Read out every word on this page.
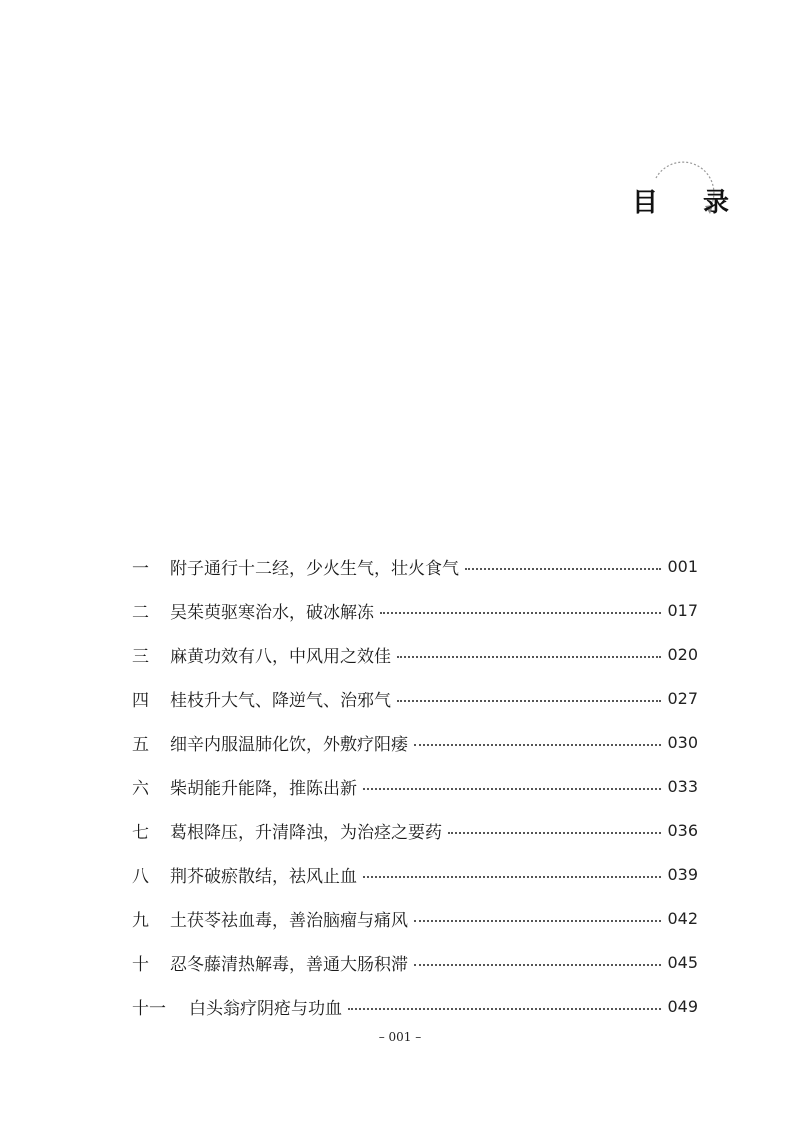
目 录
一	附子通行十二经，少火生气，壮火食气	001
二	吴茱萸驱寒治水，破冰解冻	017
三	麻黄功效有八，中风用之效佳	020
四	桂枝升大气、降逆气、治邪气	027
五	细辛内服温肺化饮，外敷疗阳痿	030
六	柴胡能升能降，推陈出新	033
七	葛根降压，升清降浊，为治痉之要药	036
八	荆芥破瘀散结，祛风止血	039
九	土茯苓祛血毒，善治脑瘤与痛风	042
十	忍冬藤清热解毒，善通大肠积滞	045
十一	白头翁疗阴疮与功血	049
– 001 –
